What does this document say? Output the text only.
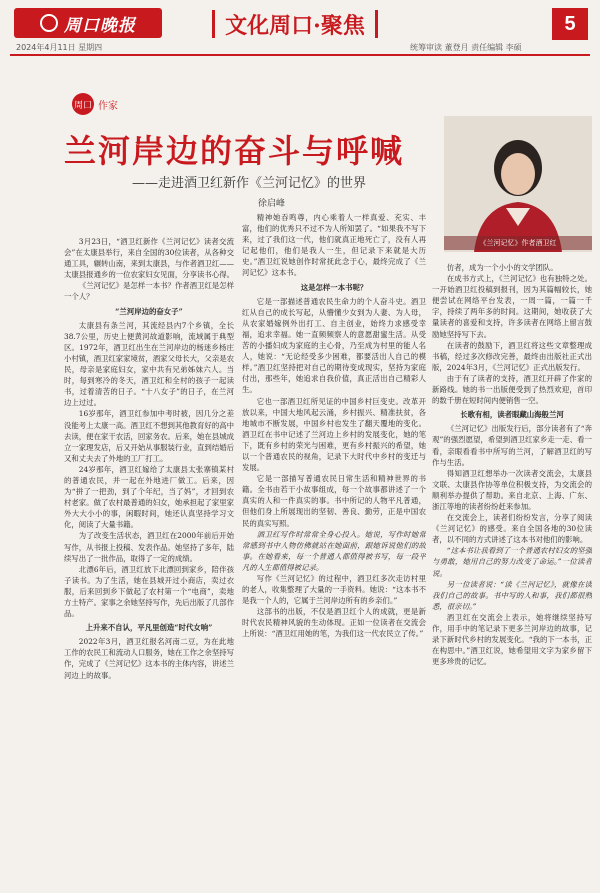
周口晚报	文化周口·聚焦	5
2024年4月11日 星期四	统筹审读 董登月 责任编辑 李硕
周口 作家
兰河岸边的奋斗与呼喊
——走进酒卫红新作《兰河记忆》的世界
徐启峰
《兰河记忆》作者酒卫红

3月23日，“酒卫红新作《兰河记忆》读者交流会”在太康县举行，来自全国的30位读者，从各种交通工具，辗转山南，来到太康县，与作者酒卫红——太康县报通乡的一位农家妇女见面，分享读书心得。

《兰河记忆》是怎样一本书？作者酒卫红是怎样一个人？

“兰河岸边的奋女子”

太康县有条兰河，其流经县内7个乡镇，全长38.7公里，历史上便黄河故道影响，流域属于典型区。1972年，酒卫红出生在兰河岸边的杨迷乡杨庄小村镇，酒卫红家家境贫，酒家父母长大，父亲是农民，母亲是家庭妇女，家中共有兄弟姊妹六人。当时，每到寒冷的冬天，酒卫红和全村的孩子一起读书，过着清苦的日子。“十八女子”的日子，在兰河边上过过。

16岁那年，酒卫红参加中考时被，因几分之差没能考上太康一高。酒卫红不想到其他教育好的高中去读，便在家干农活，回家务农。后来，她在县城成立一家理发店，后又开始从事服装行业，直到结婚后又和丈夫去了外地的工厂打工。

24岁那年，酒卫红嫁给了太康县太张寨镇某村的普通农民，并一起在外地进厂做工。后来，因为“拼了一把劲，到了个年纪，当了妈”，才回到农村老家。做了农村最普通的妇女，她承担起了家里家外大大小小的事，闲暇时间，她还认真坚持学习文化，阅读了大量书籍。

为了改变生活状态，酒卫红在2000年前后开始写作，从书报上投稿、发表作品。她坚持了多年，陆续写出了一批作品，取得了一定的成绩。

北漂6年后，酒卫红放下北漂回到家乡，陪伴孩子读书。为了生活，她在县城开过小商店，卖过衣服，后来回到乡下做起了农村第一个“电商”，卖地方土特产。家事之余她坚持写作，先后出版了几部作品。

上升来不自认，平凡里创造“时代女响”

2022年3月，酒卫红报名河南二豆，为在此地工作的农民工和流动人口服务，她在工作之余坚持写作，完成了《兰河记忆》这本书的主体内容，讲述兰河边上的故事。

精神她吞鸣尊，内心乘着人一样真爱、充实、丰富，他们的优秀只不过不为人所知罢了。“如果我不写下来，过了我们这一代，他们就真正地死亡了，没有人再记起他们，他们是我人一生，但记录下来就是大历史。”酒卫红说她创作时常抚此念于心，最终完成了《兰河记忆》这本书。

这是怎样一本书呢？

它是一部描述普通农民生命力的个人奋斗史。酒卫红从自己的成长写起，从懵懂少女到为人妻、为人母，从农家婚嫁例外出打工、自主创业，始终力求感受幸福，追求幸福。她一直频频察人的意愿甜蜜生活。从受苦的小播妇成为家庭的主心骨，乃至成为村里的能人名人，她说：“无论经受多少困难，都要活出人自己的模样。”酒卫红坚持把对自己的期待变成现实，坚持为家庭付出，那些年，她追求自我价值，真正活出自己精彩人生。

它也一部酒卫红所见证的中国乡村巨变史。改革开放以来，中国大地风起云涌，乡村振兴、精准扶贫，各地城市不断发展，中国乡村也发生了翻天覆地的变化。酒卫红在书中记述了兰河边上乡村的发展变化，她的笔下，既有乡村的荣光与困难，更有乡村振兴的希望，她以一个普通农民的视角，记录下大时代中乡村的变迁与发展。

它是一部描写普通农民日常生活和精神世界的书籍。全书由若干小故事组成，每一个故事都讲述了一个真实的人和一件真实的事。书中所记的人物平凡普通，但他们身上所展现出的坚韧、善良、勤劳，正是中国农民的真实写照。

酒卫红写作时常常全身心投入。她说，写作时她常常感到书中人物仿佛就站在她面前，跟她诉说他们的故事。在她看来，每一个普通人都值得被书写，每一段平凡的人生都值得被记录。

写作《兰河记忆》的过程中，酒卫红多次走访村里的老人，收集整理了大量的一手资料。她说：“这本书不是我一个人的，它属于兰河岸边所有的乡亲们。”

这部书的出版，不仅是酒卫红个人的成就，更是新时代农民精神风貌的生动体现。正如一位读者在交流会上所说：“酒卫红用她的笔，为我们这一代农民立了传。”

仿者，成为一个小小的文学团队。

在成书方式上，《兰河记忆》也有独特之处。一开始酒卫红投稿到报刊，因为其篇幅较长，她便尝试在网络平台发表，一周一篇，一篇一千字，持续了两年多的时间。这期间，她收获了大量读者的喜爱和支持，许多读者在网络上留言鼓励她坚持写下去。

在读者的鼓励下，酒卫红将这些文章整理成书稿，经过多次修改完善，最终由出版社正式出版，2024年3月，《兰河记忆》正式出版发行。

由于有了读者的支持，酒卫红开辟了作家的新路线。她的书一出版便受到了热烈欢迎，首印的数千册在短时间内便销售一空。

长歌有相，读者眼藏山海般兰河

《兰河记忆》出版发行后，部分读者有了“奔观”的强烈愿望，希望到酒卫红家乡走一走、看一看，亲眼看看书中所写的兰河，了解酒卫红的写作与生活。

得知酒卫红想举办一次读者交流会，太康县文联、太康县作协等单位积极支持，为交流会的顺利举办提供了帮助。来自北京、上海、广东、浙江等地的读者纷纷赶来参加。

在交流会上，读者们纷纷发言，分享了阅读《兰河记忆》的感受。来自全国各地的30位读者，以不同的方式讲述了这本书对他们的影响。

“这本书让我看到了一个普通农村妇女的坚强与勇敢，她用自己的努力改变了命运。”一位读者说。

另一位读者说：“读《兰河记忆》，就像在读我们自己的故事。书中写的人和事，我们都很熟悉，很亲切。”

酒卫红在交流会上表示，她将继续坚持写作，用手中的笔记录下更多兰河岸边的故事，记录下新时代乡村的发展变化。“我的下一本书，正在构思中。”酒卫红说，她希望用文字为家乡留下更多珍贵的记忆。
